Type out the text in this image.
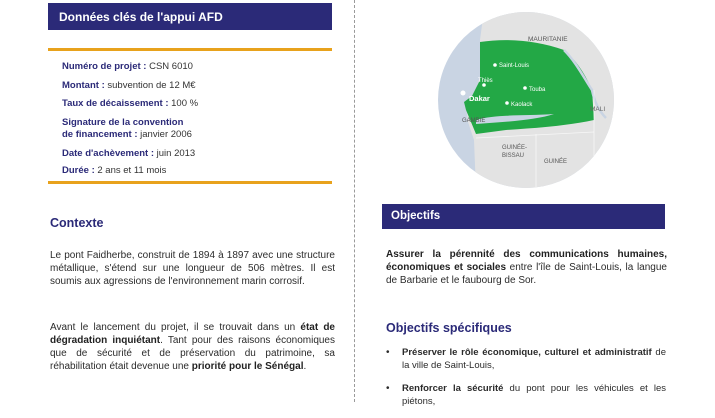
Données clés de l'appui AFD
Numéro de projet : CSN 6010
Montant : subvention de 12 M€
Taux de décaissement : 100 %
Signature de la convention
de financement : janvier 2006
Date d'achèvement : juin 2013
Durée : 2 ans et 11 mois
Contexte
Le pont Faidherbe, construit de 1894 à 1897 avec une structure métallique, s'étend sur une longueur de 506 mètres. Il est soumis aux agressions de l'environnement marin corrosif.
Avant le lancement du projet, il se trouvait dans un état de dégradation inquiétant. Tant pour des raisons économiques que de sécurité et de préservation du patrimoine, sa réhabilitation était devenue une priorité pour le Sénégal.
MAURITANIE
Saint-Louis
Thiès
Touba
Dakar
Kaolack
MALI
GAMBIE
GUINÉE-
BISSAU
GUINÉE
Objectifs
Assurer la pérennité des communications humaines, économiques et sociales entre l'île de Saint-Louis, la langue de Barbarie et le faubourg de Sor.
Objectifs spécifiques
• Préserver le rôle économique, culturel et administratif de la ville de Saint-Louis,
• Renforcer la sécurité du pont pour les véhicules et les piétons,
